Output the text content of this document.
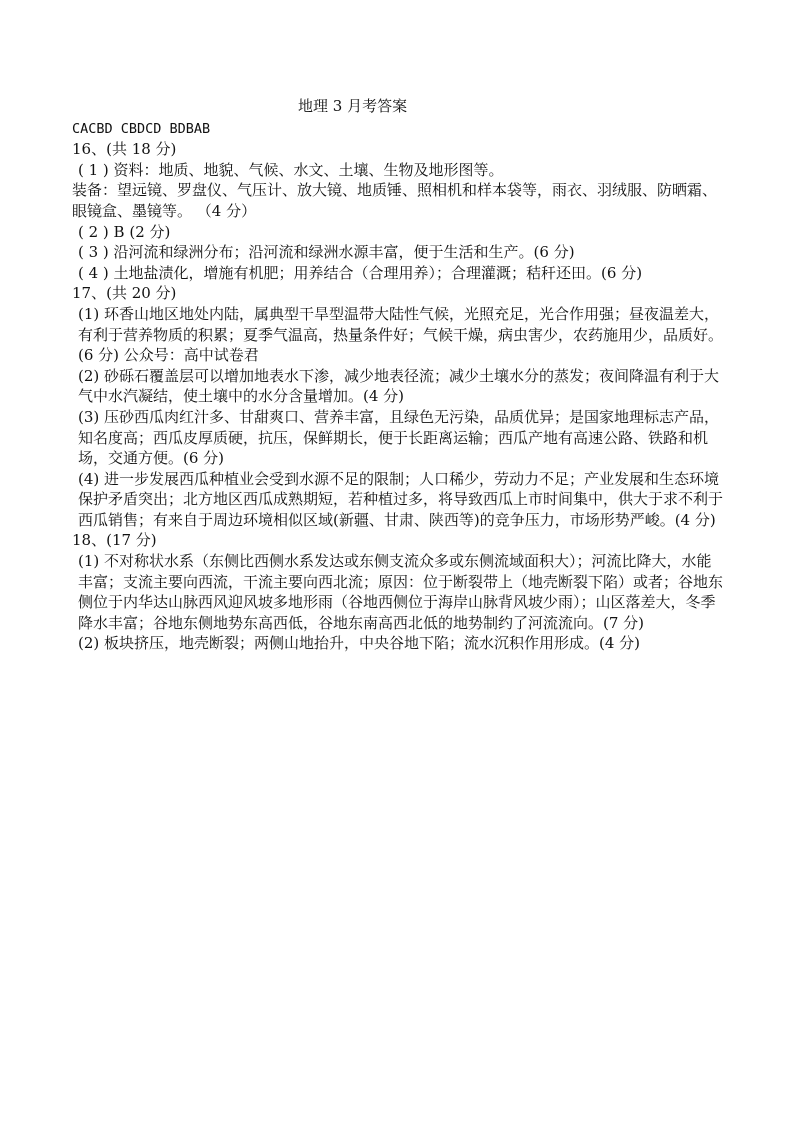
地理 3 月考答案

CACBD CBDCD BDBAB

16、(共 18 分)

( 1 ) 资料：地质、地貌、气候、水文、土壤、生物及地形图等。

装备：望远镜、罗盘仪、气压计、放大镜、地质锤、照相机和样本袋等，雨衣、羽绒服、防晒霜、眼镜盒、墨镜等。 （4 分）

( 2 ) B (2 分)

( 3 ) 沿河流和绿洲分布；沿河流和绿洲水源丰富，便于生活和生产。(6 分)

( 4 ) 土地盐渍化，增施有机肥；用养结合（合理用养）；合理灌溉；秸秆还田。(6 分)

17、(共 20 分)

(1) 环香山地区地处内陆，属典型干旱型温带大陆性气候，光照充足，光合作用强；昼夜温差大，有利于营养物质的积累；夏季气温高，热量条件好；气候干燥，病虫害少，农药施用少，品质好。(6 分) 公众号：高中试卷君

(2) 砂砾石覆盖层可以增加地表水下渗，减少地表径流；减少土壤水分的蒸发；夜间降温有利于大气中水汽凝结，使土壤中的水分含量增加。(4 分)

(3) 压砂西瓜肉红汁多、甘甜爽口、营养丰富，且绿色无污染，品质优异；是国家地理标志产品，知名度高；西瓜皮厚质硬，抗压，保鲜期长，便于长距离运输；西瓜产地有高速公路、铁路和机场，交通方便。(6 分)

(4) 进一步发展西瓜种植业会受到水源不足的限制；人口稀少，劳动力不足；产业发展和生态环境保护矛盾突出；北方地区西瓜成熟期短，若种植过多，将导致西瓜上市时间集中，供大于求不利于西瓜销售；有来自于周边环境相似区域(新疆、甘肃、陕西等)的竞争压力，市场形势严峻。(4 分)

18、(17 分)

(1) 不对称状水系（东侧比西侧水系发达或东侧支流众多或东侧流域面积大）；河流比降大，水能丰富；支流主要向西流，干流主要向西北流；原因：位于断裂带上（地壳断裂下陷）或者；谷地东侧位于内华达山脉西风迎风坡多地形雨（谷地西侧位于海岸山脉背风坡少雨）；山区落差大，冬季降水丰富；谷地东侧地势东高西低，谷地东南高西北低的地势制约了河流流向。(7 分)

(2) 板块挤压，地壳断裂；两侧山地抬升，中央谷地下陷；流水沉积作用形成。(4 分)
